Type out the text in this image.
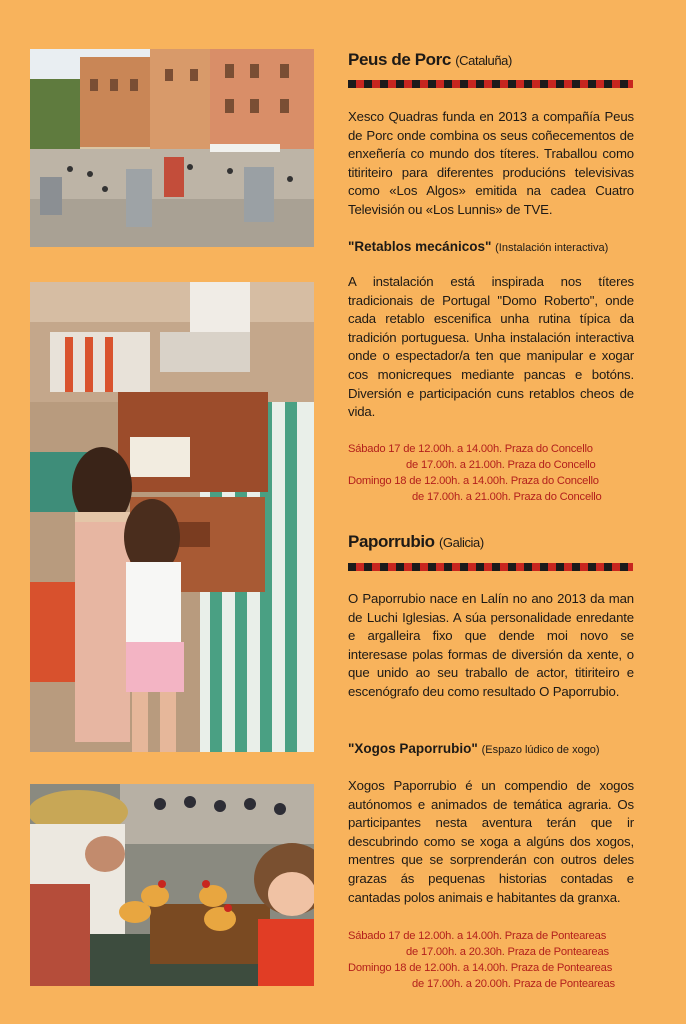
Peus de Porc (Cataluña)
Xesco Quadras funda en 2013 a compañía Peus de Porc onde combina os seus coñecementos de enxeñería co mundo dos títeres. Traballou como titiriteiro para diferentes producións televisivas como «Los Algos» emitida na cadea Cuatro Televisión ou «Los Lunnis» de TVE.
"Retablos mecánicos" (Instalación interactiva)
A instalación está inspirada nos títeres tradicionais de Portugal "Domo Roberto", onde cada retablo escenifica unha rutina típica da tradición portuguesa. Unha instalación interactiva onde o espectador/a ten que manipular e xogar cos monicreques mediante pancas e botóns. Diversión e participación cuns retablos cheos de vida.
Sábado 17 de 12.00h. a 14.00h. Praza do Concello
de 17.00h. a 21.00h. Praza do Concello
Domingo 18 de 12.00h. a 14.00h. Praza do Concello
de 17.00h. a 21.00h. Praza do Concello
Paporrubio (Galicia)
O Paporrubio nace en Lalín no ano 2013 da man de Luchi Iglesias. A súa personalidade enredante e argalleira fixo que dende moi novo se interesase polas formas de diversión da xente, o que unido ao seu traballo de actor, titiriteiro e escenógrafo deu como resultado O Paporrubio.
"Xogos Paporrubio" (Espazo lúdico de xogo)
Xogos Paporrubio é un compendio de xogos autónomos e animados de temática agraria. Os participantes nesta aventura terán que ir descubrindo como se xoga a algúns dos xogos, mentres que se sorprenderán con outros deles grazas ás pequenas historias contadas e cantadas polos animais e habitantes da granxa.
Sábado 17 de 12.00h. a 14.00h. Praza de Ponteareas
de 17.00h. a 20.30h. Praza de Ponteareas
Domingo 18 de 12.00h. a 14.00h. Praza de Ponteareas
de 17.00h. a 20.00h. Praza de Ponteareas
